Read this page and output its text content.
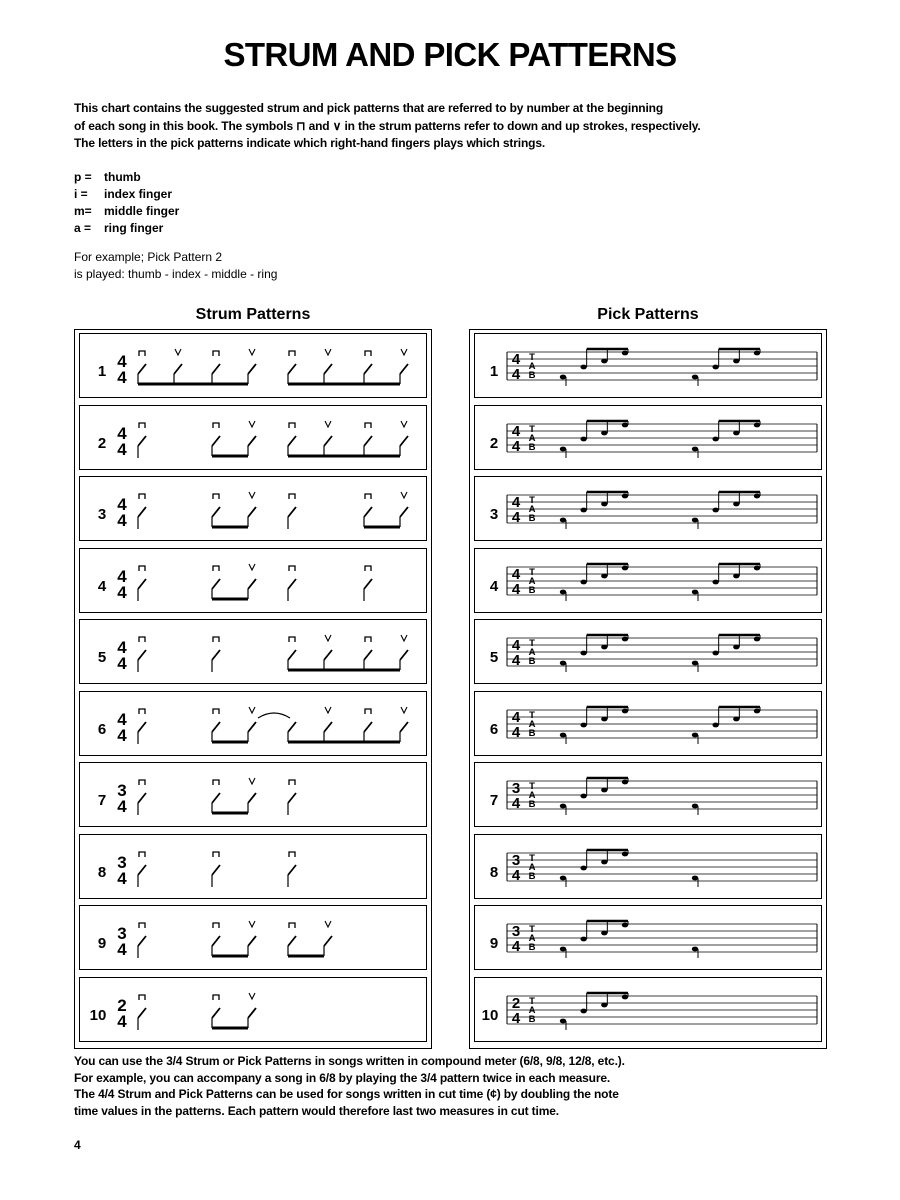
STRUM AND PICK PATTERNS
This chart contains the suggested strum and pick patterns that are referred to by number at the beginning
of each song in this book. The symbols ⊓ and ∨ in the strum patterns refer to down and up strokes, respectively.
The letters in the pick patterns indicate which right-hand fingers plays which strings.
p =	thumb
i =	index finger
m=	middle finger
a =	ring finger
For example; Pick Pattern 2
is played: thumb - index - middle - ring
Strum Patterns	Pick Patterns
1
4
4
2
4
4
3
4
4
4
4
4
5
4
4
6
4
4
7
3
4
8
3
4
9
3
4
10
2
4
1
4
4
T
A
B
2
4
4
T
A
B
3
4
4
T
A
B
4
4
4
T
A
B
5
4
4
T
A
B
6
4
4
T
A
B
7
3
4
T
A
B
8
3
4
T
A
B
9
3
4
T
A
B
10
2
4
T
A
B
You can use the 3/4 Strum or Pick Patterns in songs written in compound meter (6/8, 9/8, 12/8, etc.).
For example, you can accompany a song in 6/8 by playing the 3/4 pattern twice in each measure.
The 4/4 Strum and Pick Patterns can be used for songs written in cut time (¢) by doubling the note
time values in the patterns. Each pattern would therefore last two measures in cut time.
4
